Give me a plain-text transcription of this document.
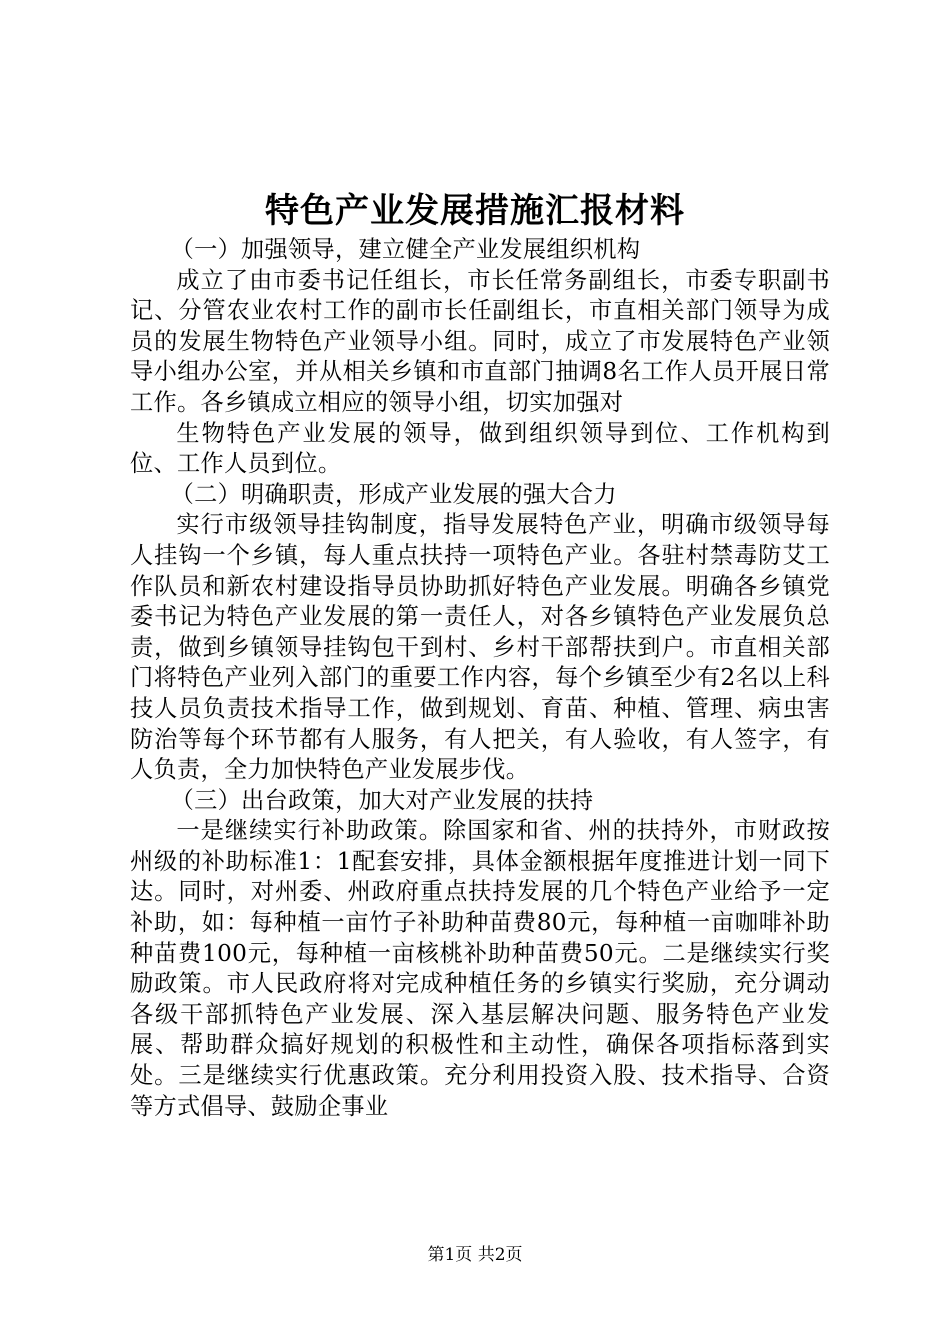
特色产业发展措施汇报材料

（一）加强领导，建立健全产业发展组织机构

成立了由市委书记任组长，市长任常务副组长，市委专职副书记、分管农业农村工作的副市长任副组长，市直相关部门领导为成员的发展生物特色产业领导小组。同时，成立了市发展特色产业领导小组办公室，并从相关乡镇和市直部门抽调8名工作人员开展日常工作。各乡镇成立相应的领导小组，切实加强对

生物特色产业发展的领导，做到组织领导到位、工作机构到位、工作人员到位。

（二）明确职责，形成产业发展的强大合力

实行市级领导挂钩制度，指导发展特色产业，明确市级领导每人挂钩一个乡镇，每人重点扶持一项特色产业。各驻村禁毒防艾工作队员和新农村建设指导员协助抓好特色产业发展。明确各乡镇党委书记为特色产业发展的第一责任人，对各乡镇特色产业发展负总责，做到乡镇领导挂钩包干到村、乡村干部帮扶到户。市直相关部门将特色产业列入部门的重要工作内容，每个乡镇至少有2名以上科技人员负责技术指导工作，做到规划、育苗、种植、管理、病虫害防治等每个环节都有人服务，有人把关，有人验收，有人签字，有人负责，全力加快特色产业发展步伐。

（三）出台政策，加大对产业发展的扶持

一是继续实行补助政策。除国家和省、州的扶持外，市财政按州级的补助标准1：1配套安排，具体金额根据年度推进计划一同下达。同时，对州委、州政府重点扶持发展的几个特色产业给予一定补助，如：每种植一亩竹子补助种苗费80元，每种植一亩咖啡补助种苗费100元，每种植一亩核桃补助种苗费50元。二是继续实行奖励政策。市人民政府将对完成种植任务的乡镇实行奖励，充分调动各级干部抓特色产业发展、深入基层解决问题、服务特色产业发展、帮助群众搞好规划的积极性和主动性，确保各项指标落到实处。三是继续实行优惠政策。充分利用投资入股、技术指导、合资等方式倡导、鼓励企事业

第1页 共2页
